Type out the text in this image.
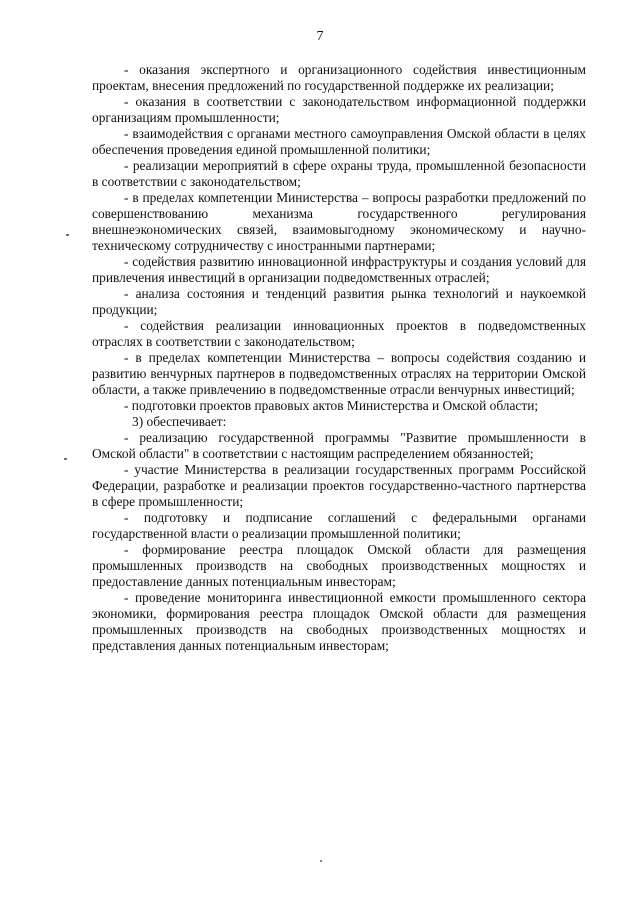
7

- оказания экспертного и организационного содействия инвестиционным проектам, внесения предложений по государственной поддержке их реализации;

- оказания в соответствии с законодательством информационной поддержки организациям промышленности;

- взаимодействия с органами местного самоуправления Омской области в целях обеспечения проведения единой промышленной политики;

- реализации мероприятий в сфере охраны труда, промышленной безопасности в соответствии с законодательством;

- в пределах компетенции Министерства – вопросы разработки предложений по совершенствованию механизма государственного регулирования внешнеэкономических связей, взаимовыгодному экономическому и научно-техническому сотрудничеству с иностранными партнерами;

- содействия развитию инновационной инфраструктуры и создания условий для привлечения инвестиций в организации подведомственных отраслей;

- анализа состояния и тенденций развития рынка технологий и наукоемкой продукции;

- содействия реализации инновационных проектов в подведомственных отраслях в соответствии с законодательством;

- в пределах компетенции Министерства – вопросы содействия созданию и развитию венчурных партнеров в подведомственных отраслях на территории Омской области, а также привлечению в подведомственные отрасли венчурных инвестиций;

- подготовки проектов правовых актов Министерства и Омской области;

3) обеспечивает:

- реализацию государственной программы "Развитие промышленности в Омской области" в соответствии с настоящим распределением обязанностей;

- участие Министерства в реализации государственных программ Российской Федерации, разработке и реализации проектов государственно-частного партнерства в сфере промышленности;

- подготовку и подписание соглашений с федеральными органами государственной власти о реализации промышленной политики;

- формирование реестра площадок Омской области для размещения промышленных производств на свободных производственных мощностях и предоставление данных потенциальным инвесторам;

- проведение мониторинга инвестиционной емкости промышленного сектора экономики, формирования реестра площадок Омской области для размещения промышленных производств на свободных производственных мощностях и представления данных потенциальным инвесторам;
